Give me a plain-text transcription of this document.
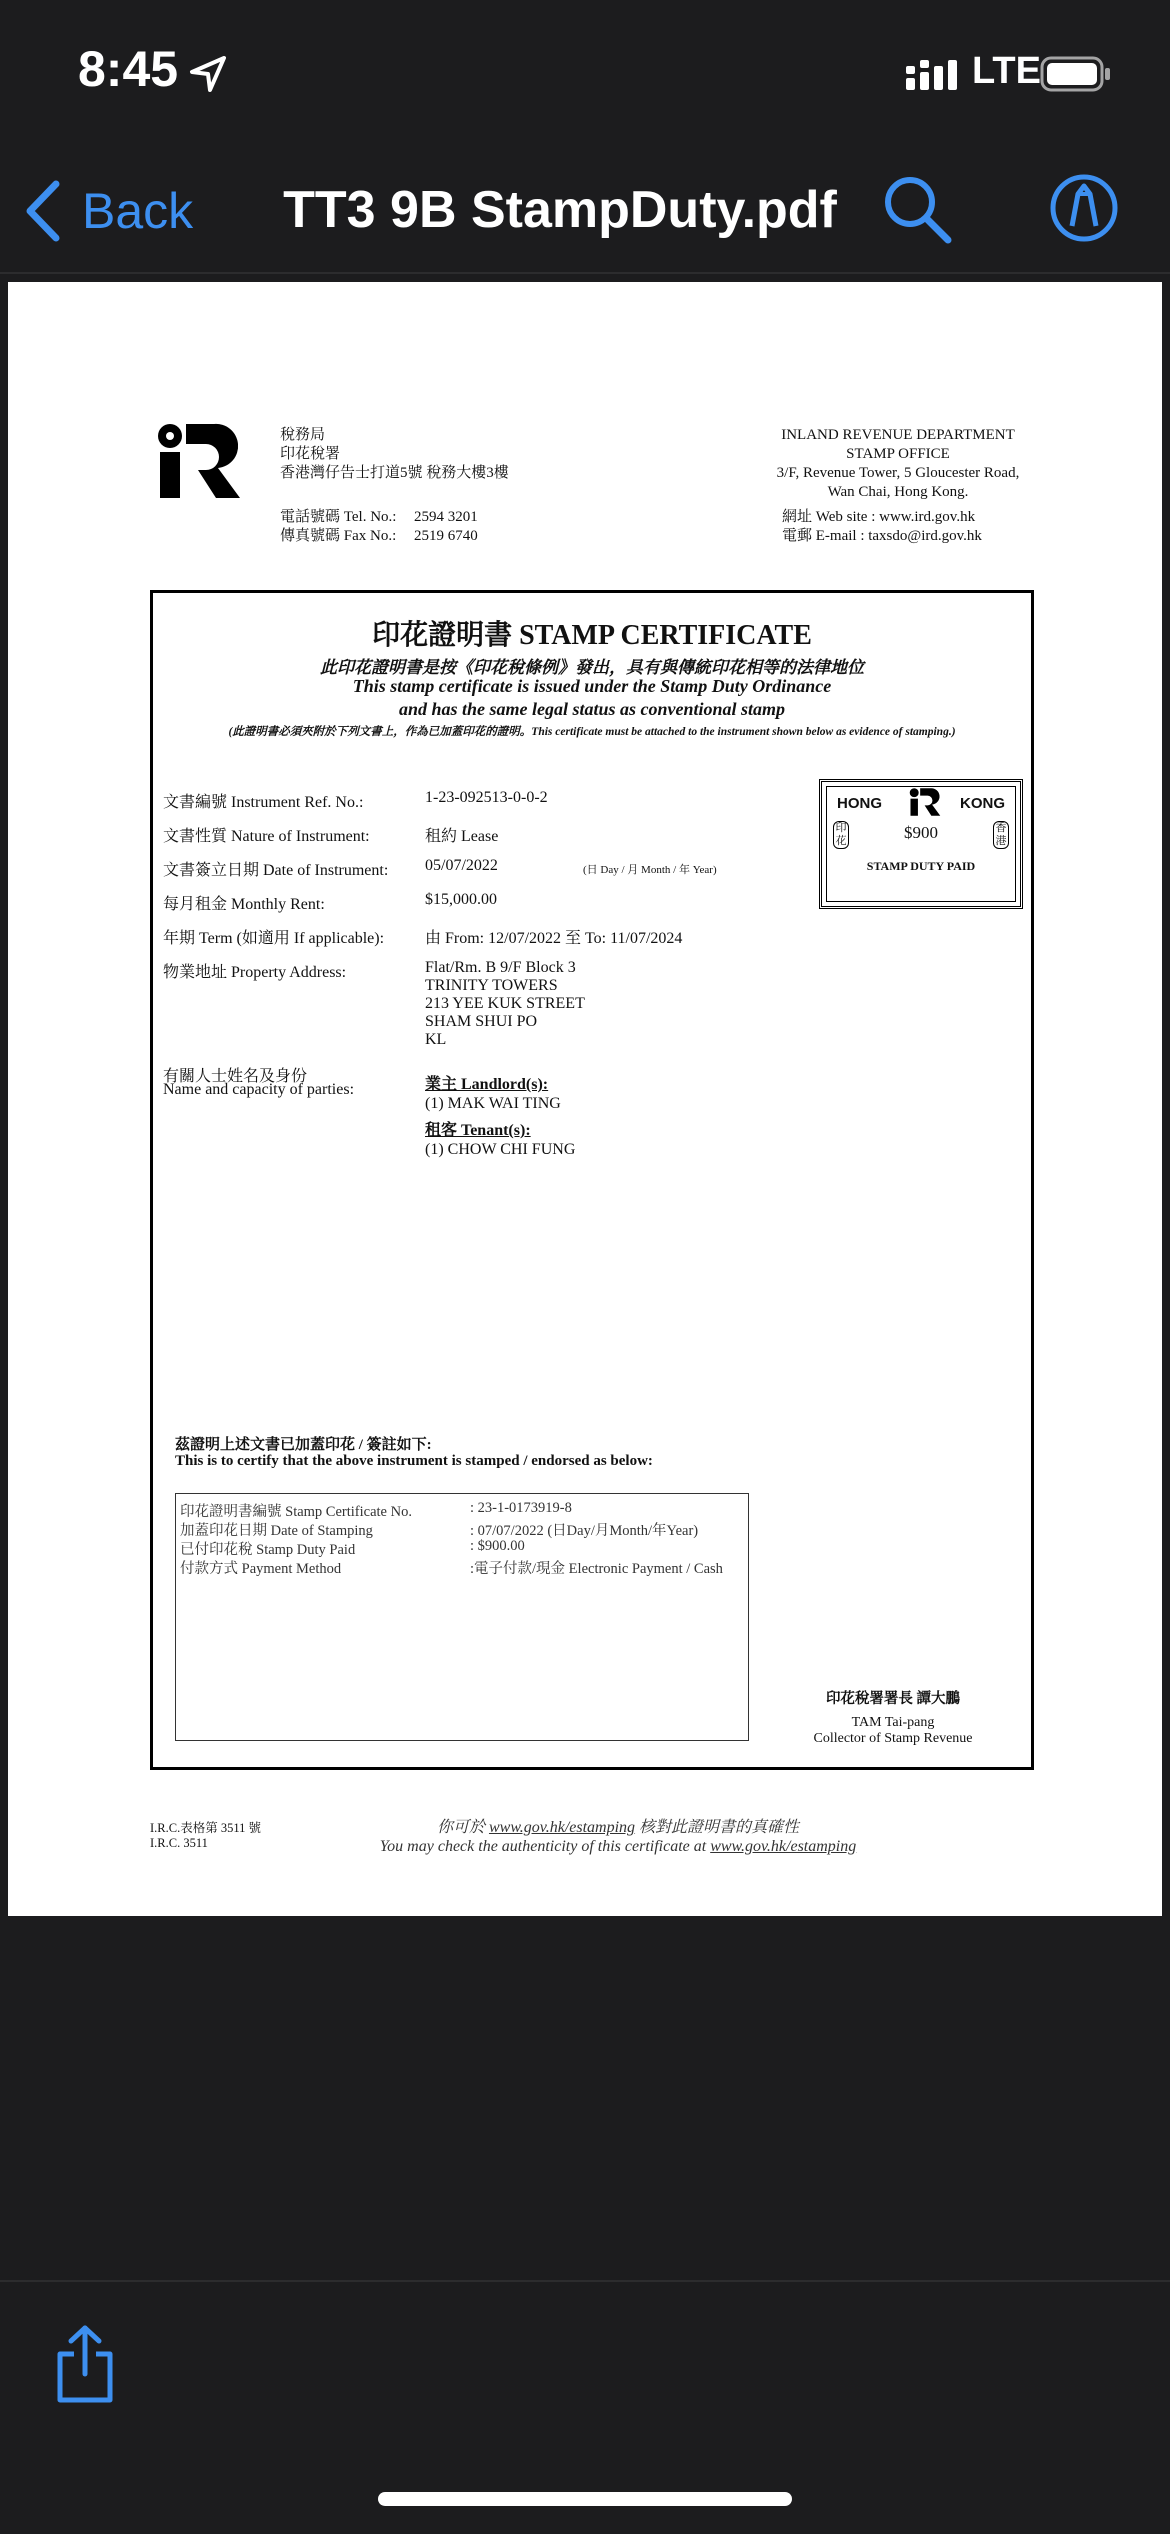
8:45	LTE
Back TT3 9B StampDuty.pdf
稅務局
印花稅署
香港灣仔告士打道5號 稅務大樓3樓
電話號碼 Tel. No.: 2594 3201
傳真號碼 Fax No.: 2519 6740
INLAND REVENUE DEPARTMENT
STAMP OFFICE
3/F, Revenue Tower, 5 Gloucester Road,
Wan Chai, Hong Kong.
網址 Web site : www.ird.gov.hk
電郵 E-mail : taxsdo@ird.gov.hk
印花證明書 STAMP CERTIFICATE
此印花證明書是按《印花稅條例》發出，具有與傳統印花相等的法律地位
This stamp certificate is issued under the Stamp Duty Ordinance
and has the same legal status as conventional stamp
(此證明書必須夾附於下列文書上，作為已加蓋印花的證明。This certificate must be attached to the instrument shown below as evidence of stamping.)
文書編號 Instrument Ref. No.:	1-23-092513-0-0-2
文書性質 Nature of Instrument:	租約 Lease
文書簽立日期 Date of Instrument: 05/07/2022	(日 Day / 月 Month / 年 Year)
每月租金 Monthly Rent:	$15,000.00
年期 Term (如適用 If applicable):	由 From: 12/07/2022 至 To: 11/07/2024
物業地址 Property Address:	Flat/Rm. B 9/F Block 3
TRINITY TOWERS
213 YEE KUK STREET
SHAM SHUI PO
KL
有關人士姓名及身份
Name and capacity of parties:	業主 Landlord(s):
(1) MAK WAI TING
租客 Tenant(s):
(1) CHOW CHI FUNG
HONG	KONG
印花
香港
$900
STAMP DUTY PAID
茲證明上述文書已加蓋印花 / 簽註如下:
This is to certify that the above instrument is stamped / endorsed as below:
印花證明書編號 Stamp Certificate No.	: 23-1-0173919-8
加蓋印花日期 Date of Stamping	: 07/07/2022 (日Day/月Month/年Year)
已付印花稅 Stamp Duty Paid	: $900.00
付款方式 Payment Method	:電子付款/現金 Electronic Payment / Cash
印花稅署署長 譚大鵬
TAM Tai-pang
Collector of Stamp Revenue
I.R.C.表格第 3511 號
I.R.C. 3511
你可於 www.gov.hk/estamping 核對此證明書的真確性
You may check the authenticity of this certificate at www.gov.hk/estamping
